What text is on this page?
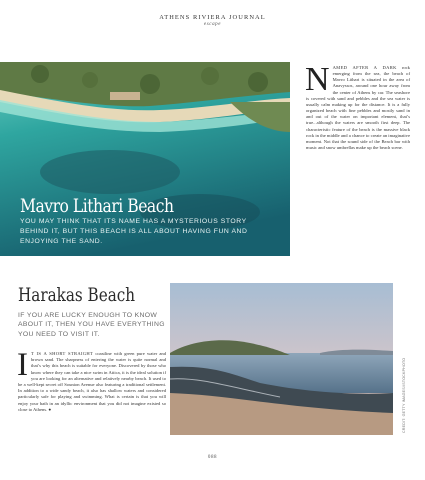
ATHENS RIVIERA JOURNAL
escape
Mavro Lithari Beach
YOU MAY THINK THAT ITS NAME HAS A MYSTERIOUS STORY BEHIND IT, BUT THIS BEACH IS ALL ABOUT HAVING FUN AND ENJOYING THE SAND.
NAMED AFTER A DARK rock emerging from the sea, the beach of Mavro Lithari is situated in the area of Anavyssos, around one hour away from the center of Athens by car. The seashore is covered with sand and pebbles and the sea water is usually calm making up for the distance. It is a fully organized beach with fine pebbles and mostly sand in and out of the water on important element, that’s true...although the waters are smooth first deep. The characteristic feature of the beach is the massive black rock in the middle and a chance to create an imaginative moment. Not that the sound side of the Beach bar with music and snow umbrellas make up the beach scene.
Harakas Beach
IF YOU ARE LUCKY ENOUGH TO KNOW ABOUT IT, THEN YOU HAVE EVERYTHING YOU NEED TO VISIT IT.
IT IS A SHORT STRAIGHT coastline with green pure water and brown sand. The sharpness of entering the water is quite normal and that’s why this beach is suitable for everyone. Discovered by those who know where they can take a nice swim in Attica, it is the ideal solution if you are looking for an alternative and relatively nearby beach. It used to be a well-kept secret off Sounion Avenue also featuring a traditional settlement. In addition to a wide sandy beach, it also has shallow waters and considered particularly safe for playing and swimming. What is certain is that you will enjoy your bath in an idyllic environment that you did not imagine existed so close to Athens. ●	CREDIT: GETTY IMAGES/ISTOCKPHOTO
088
